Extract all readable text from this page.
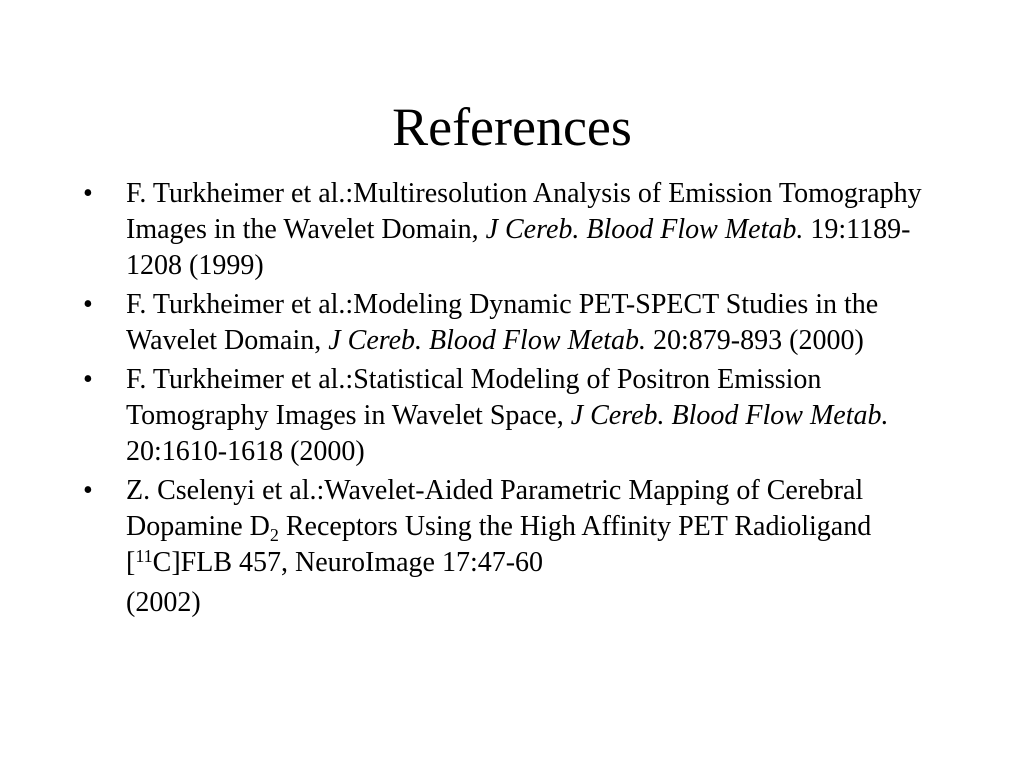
References
•	F. Turkheimer et al.:Multiresolution Analysis of Emission Tomography Images in the Wavelet Domain, J Cereb. Blood Flow Metab. 19:1189-1208 (1999)
•	F. Turkheimer et al.:Modeling Dynamic PET-SPECT Studies in the Wavelet Domain, J Cereb. Blood Flow Metab. 20:879-893 (2000)
•	F. Turkheimer et al.:Statistical Modeling of Positron Emission Tomography Images in Wavelet Space, J Cereb. Blood Flow Metab. 20:1610-1618 (2000)
•	Z. Cselenyi et al.:Wavelet-Aided Parametric Mapping of Cerebral Dopamine $D_2$ Receptors Using the High Affinity PET Radioligand [$^{11}$C]FLB 457, NeuroImage 17:47-60
(2002)
